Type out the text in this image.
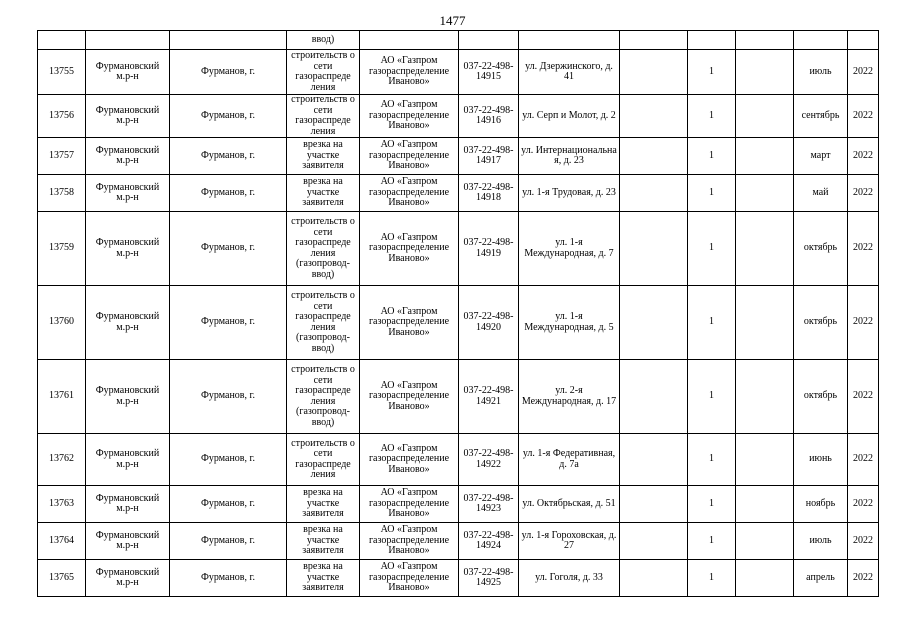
1477
			ввод)								
13755	Фурмановский м.р-н	Фурманов, г.	строительств о сети газораспреде ления	АО «Газпром газораспределение Иваново»	037-22-498-14915	ул. Дзержинского, д. 41		1		июль	2022
13756	Фурмановский м.р-н	Фурманов, г.	строительств о сети газораспреде ления	АО «Газпром газораспределение Иваново»	037-22-498-14916	ул. Серп и Молот, д. 2		1		сентябрь	2022
13757	Фурмановский м.р-н	Фурманов, г.	врезка на участке заявителя	АО «Газпром газораспределение Иваново»	037-22-498-14917	ул. Интернациональна я, д. 23		1		март	2022
13758	Фурмановский м.р-н	Фурманов, г.	врезка на участке заявителя	АО «Газпром газораспределение Иваново»	037-22-498-14918	ул. 1-я Трудовая, д. 23		1		май	2022
13759	Фурмановский м.р-н	Фурманов, г.	строительств о сети газораспреде ления (газопровод-ввод)	АО «Газпром газораспределение Иваново»	037-22-498-14919	ул. 1-я Международная, д. 7		1		октябрь	2022
13760	Фурмановский м.р-н	Фурманов, г.	строительств о сети газораспреде ления (газопровод-ввод)	АО «Газпром газораспределение Иваново»	037-22-498-14920	ул. 1-я Международная, д. 5		1		октябрь	2022
13761	Фурмановский м.р-н	Фурманов, г.	строительств о сети газораспреде ления (газопровод-ввод)	АО «Газпром газораспределение Иваново»	037-22-498-14921	ул. 2-я Международная, д. 17		1		октябрь	2022
13762	Фурмановский м.р-н	Фурманов, г.	строительств о сети газораспреде ления	АО «Газпром газораспределение Иваново»	037-22-498-14922	ул. 1-я Федеративная, д. 7а		1		июнь	2022
13763	Фурмановский м.р-н	Фурманов, г.	врезка на участке заявителя	АО «Газпром газораспределение Иваново»	037-22-498-14923	ул. Октябрьская, д. 51		1		ноябрь	2022
13764	Фурмановский м.р-н	Фурманов, г.	врезка на участке заявителя	АО «Газпром газораспределение Иваново»	037-22-498-14924	ул. 1-я Гороховская, д. 27		1		июль	2022
13765	Фурмановский м.р-н	Фурманов, г.	врезка на участке заявителя	АО «Газпром газораспределение Иваново»	037-22-498-14925	ул. Гоголя, д. 33		1		апрель	2022
